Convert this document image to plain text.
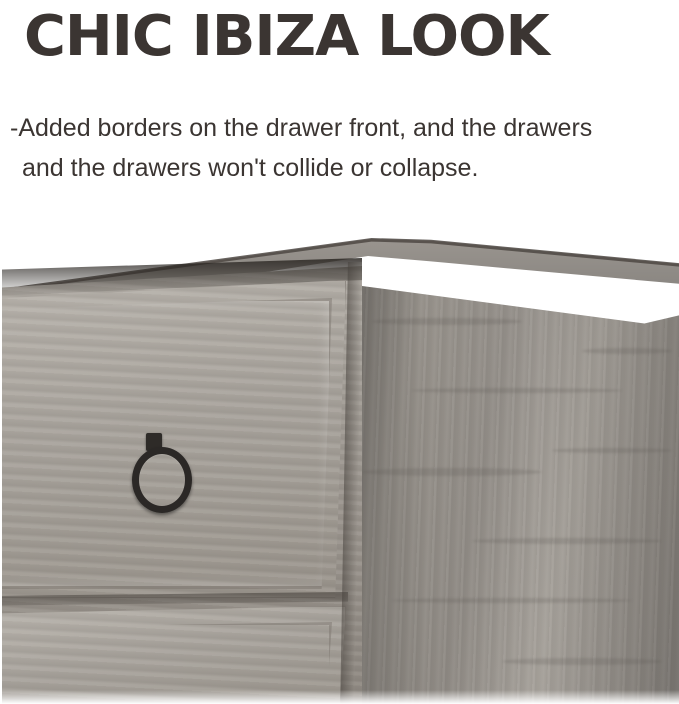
CHIC IBIZA LOOK
-Added borders on the drawer front, and the drawers
and the drawers won't collide or collapse.
